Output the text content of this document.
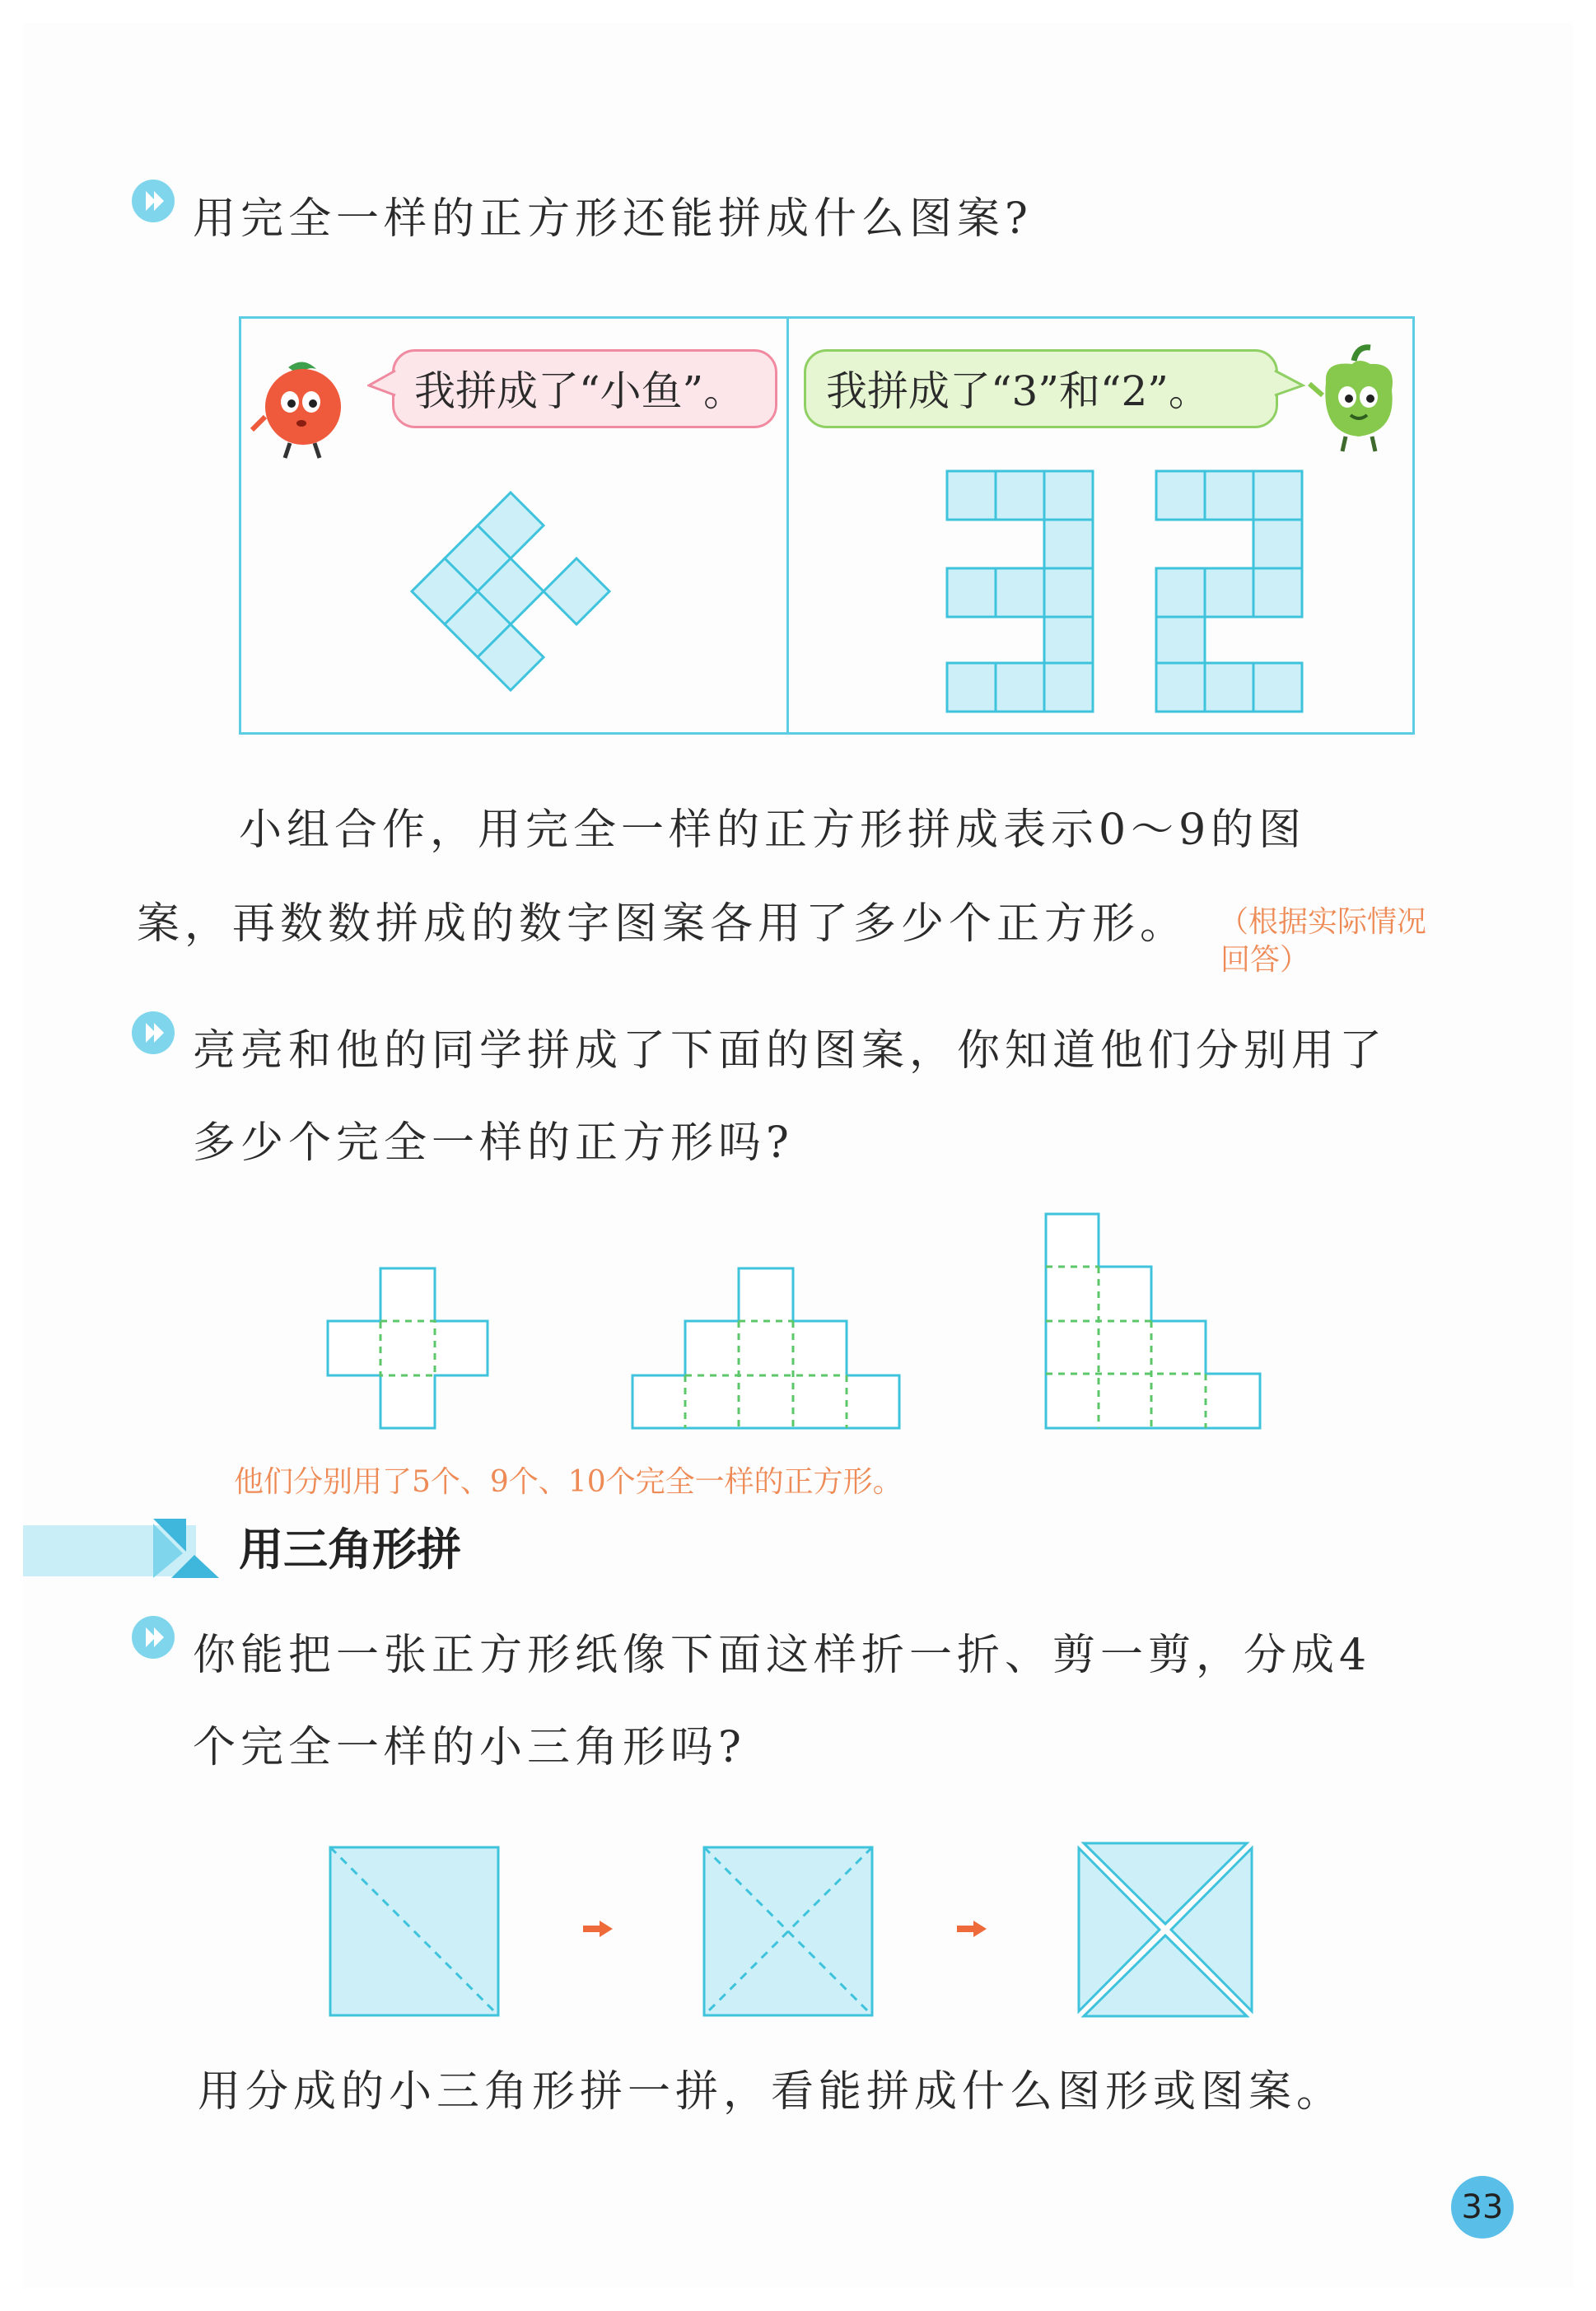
用完全一样的正方形还能拼成什么图案?
我拼成了“小鱼”。	我拼成了“3”和“2”。
小组合作，用完全一样的正方形拼成表示0～9的图
案，再数数拼成的数字图案各用了多少个正方形。 （根据实际情况
回答）
亮亮和他的同学拼成了下面的图案，你知道他们分别用了
多少个完全一样的正方形吗?
他们分别用了5个、9个、10个完全一样的正方形。
用三角形拼
你能把一张正方形纸像下面这样折一折、剪一剪，分成4
个完全一样的小三角形吗?
用分成的小三角形拼一拼，看能拼成什么图形或图案。
33
